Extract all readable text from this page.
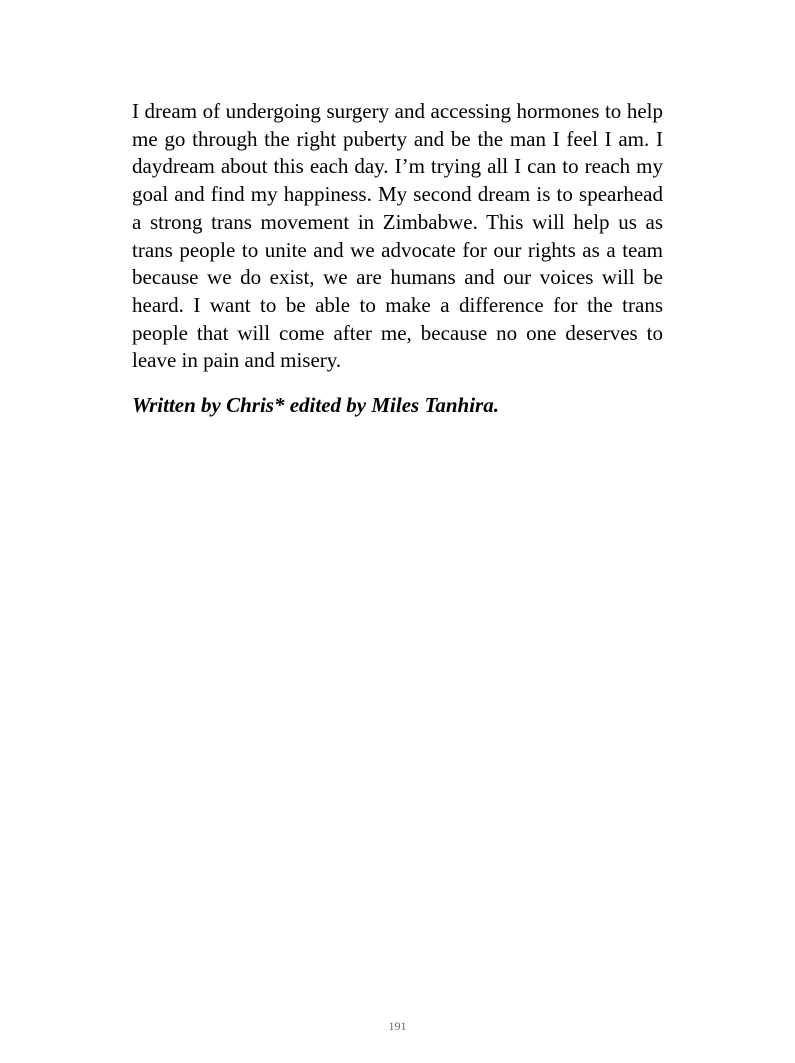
I dream of undergoing surgery and accessing hormones to help me go through the right puberty and be the man I feel I am. I daydream about this each day. I’m trying all I can to reach my goal and find my happiness. My second dream is to spearhead a strong trans movement in Zimbabwe. This will help us as trans people to unite and we advocate for our rights as a team because we do exist, we are humans and our voices will be heard. I want to be able to make a difference for the trans people that will come after me, because no one deserves to leave in pain and misery.

Written by Chris* edited by Miles Tanhira.

191
